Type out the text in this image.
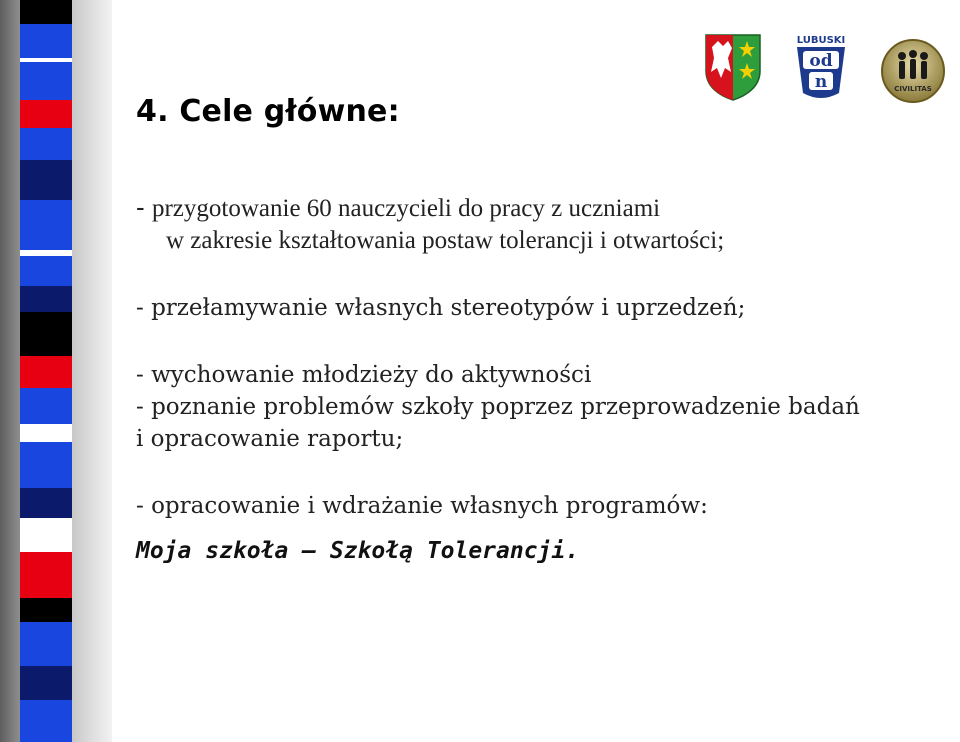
LUBUSKI
od
n	CIVILITAS
4. Cele główne:

- przygotowanie 60 nauczycieli do pracy z uczniami

w zakresie kształtowania postaw tolerancji i otwartości;

- przełamywanie własnych stereotypów i uprzedzeń;

- wychowanie młodzieży do aktywności

- poznanie problemów szkoły poprzez przeprowadzenie badań

i opracowanie raportu;

- opracowanie i wdrażanie własnych programów:

Moja szkoła – Szkołą Tolerancji.
